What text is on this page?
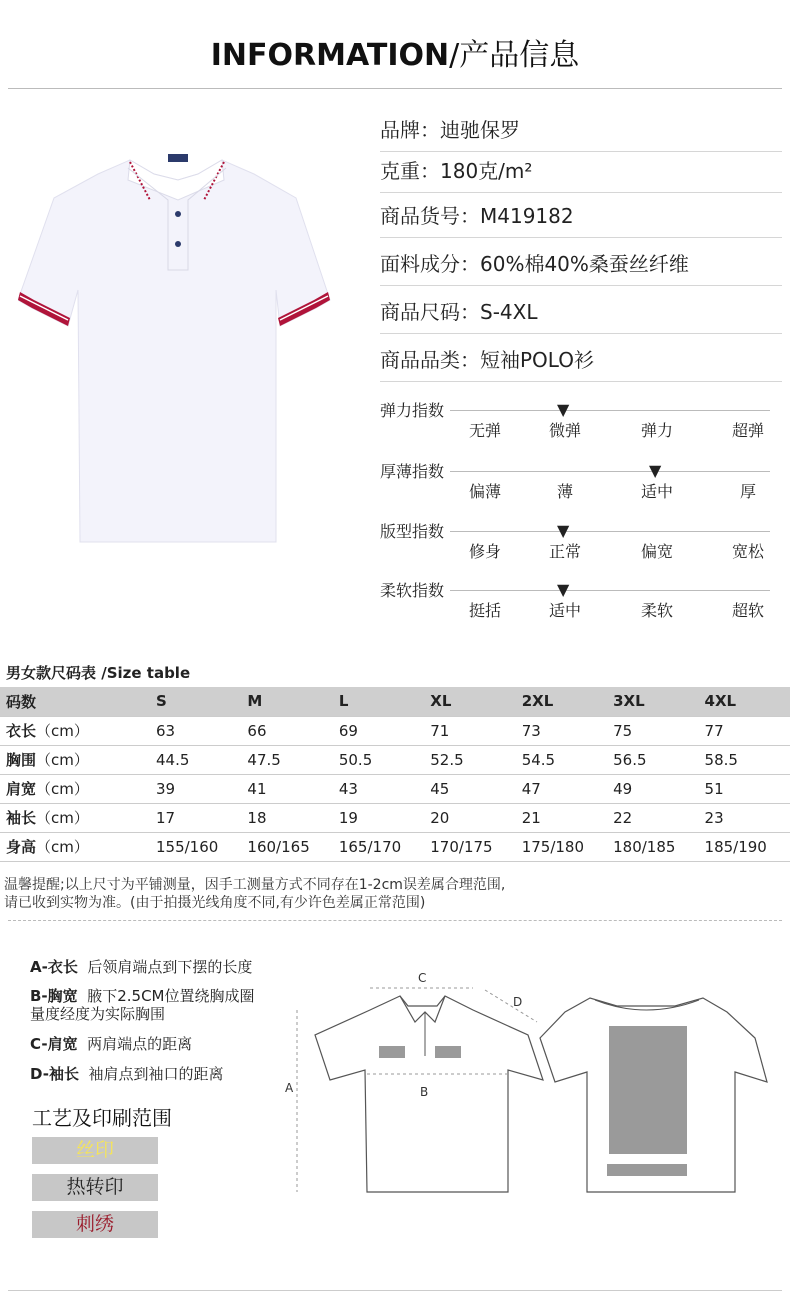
INFORMATION/产品信息
品牌：迪驰保罗
克重：180克/m²
商品货号：M419182
面料成分：60%棉40%桑蚕丝纤维
商品尺码：S-4XL
商品品类：短袖POLO衫
弹力指数
无弹	微弹	弹力	超弹
▼
厚薄指数
偏薄	薄	适中	厚
▼
版型指数
修身	正常	偏宽	宽松
▼
柔软指数
挺括	适中	柔软	超软
▼
男女款尺码表 /Size table
码数	S	M	L	XL	2XL	3XL	4XL
衣长（cm）	63	66	69	71	73	75	77
胸围（cm）	44.5	47.5	50.5	52.5	54.5	56.5	58.5
肩宽（cm）	39	41	43	45	47	49	51
袖长（cm）	17	18	19	20	21	22	23
身高（cm）	155/160	160/165	165/170	170/175	175/180	180/185	185/190
温馨提醒;以上尺寸为平铺测量，因手工测量方式不同存在1-2cm误差属合理范围,
请已收到实物为准。(由于拍摄光线角度不同,有少许色差属正常范围)
A-衣长 后领肩端点到下摆的长度
B-胸宽 腋下2.5CM位置绕胸成圈
量度经度为实际胸围
C-肩宽 两肩端点的距离
D-袖长 袖肩点到袖口的距离
A
C
B
D
工艺及印刷范围
丝印
热转印
刺绣
